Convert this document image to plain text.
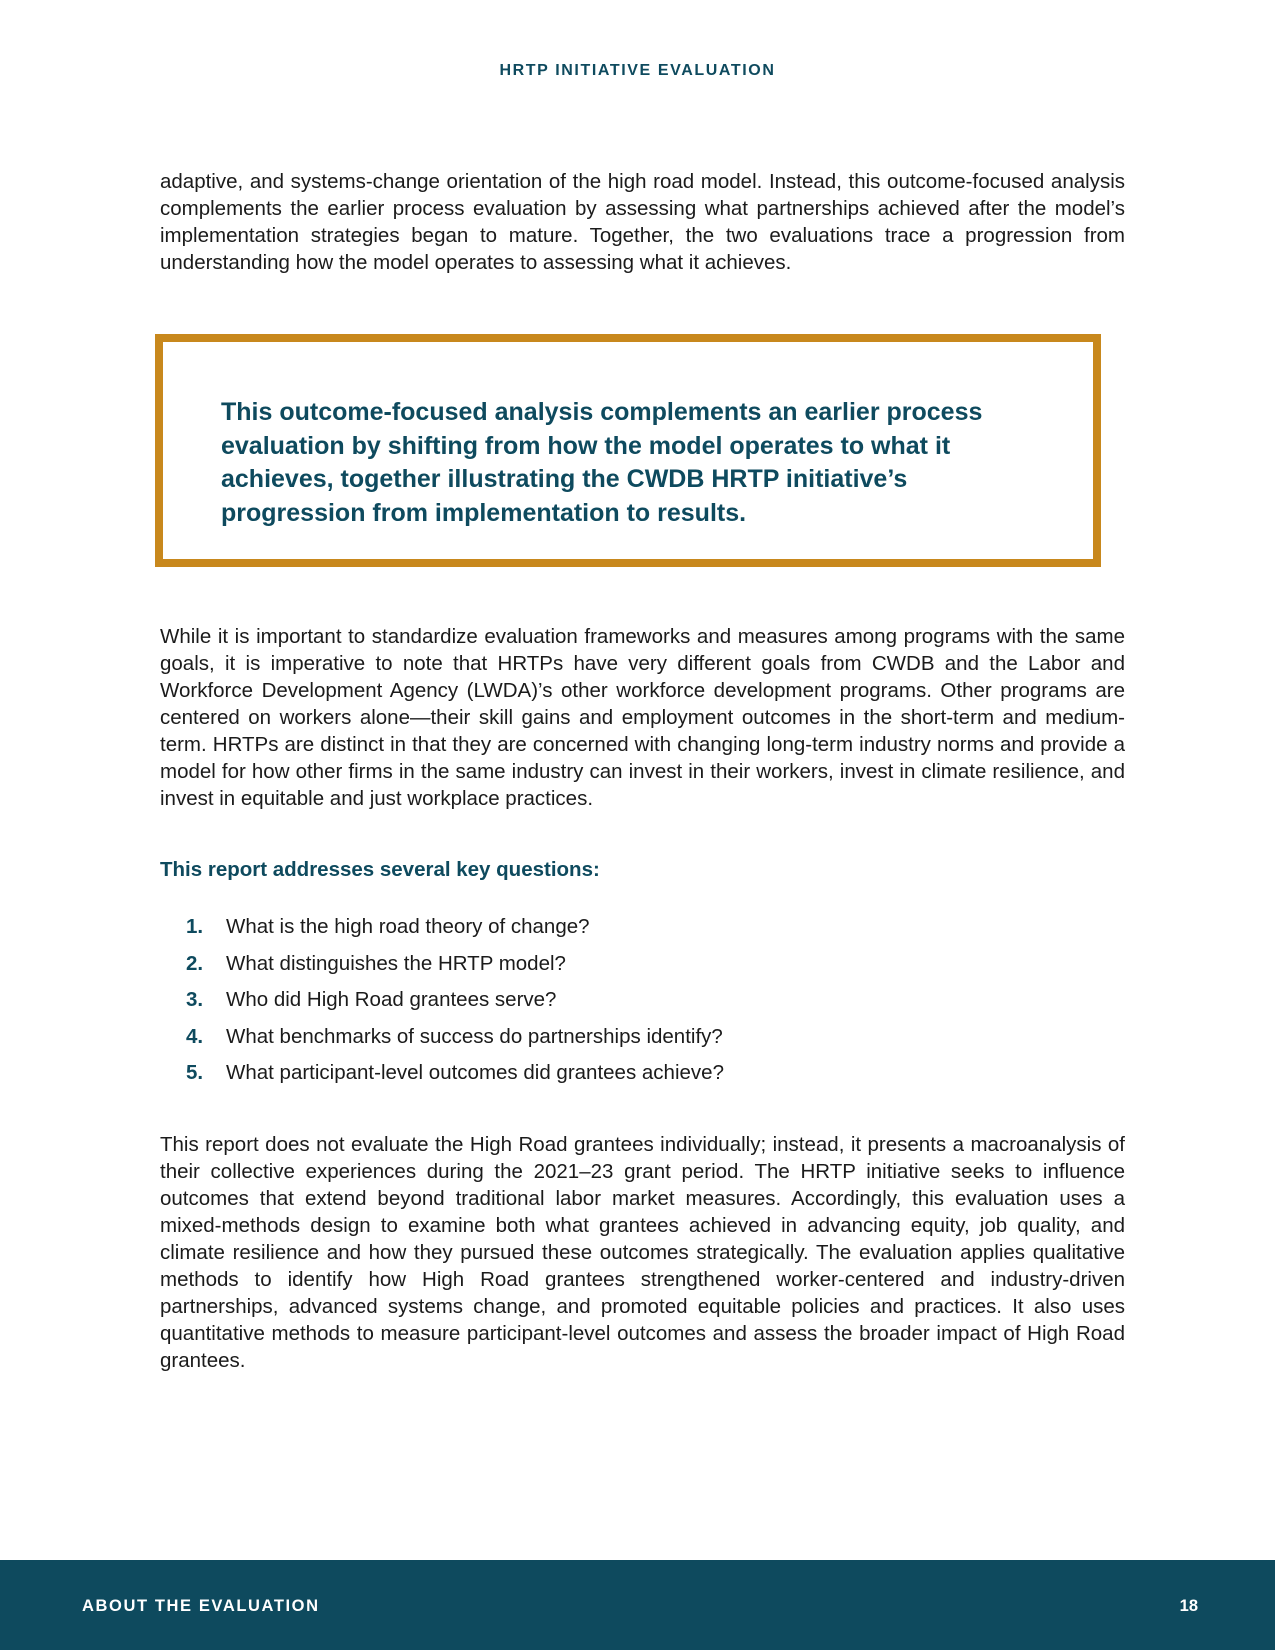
HRTP INITIATIVE EVALUATION

adaptive, and systems-change orientation of the high road model. Instead, this outcome-focused analysis complements the earlier process evaluation by assessing what partnerships achieved after the model’s implementation strategies began to mature. Together, the two evaluations trace a progression from understanding how the model operates to assessing what it achieves.

This outcome-focused analysis complements an earlier process evaluation by shifting from how the model operates to what it achieves, together illustrating the CWDB HRTP initiative’s progression from implementation to results.

While it is important to standardize evaluation frameworks and measures among programs with the same goals, it is imperative to note that HRTPs have very different goals from CWDB and the Labor and Workforce Development Agency (LWDA)’s other workforce development programs. Other programs are centered on workers alone—their skill gains and employment outcomes in the short-term and medium-term. HRTPs are distinct in that they are concerned with changing long-term industry norms and provide a model for how other firms in the same industry can invest in their workers, invest in climate resilience, and invest in equitable and just workplace practices.

This report addresses several key questions:

1. What is the high road theory of change?
2. What distinguishes the HRTP model?
3. Who did High Road grantees serve?
4. What benchmarks of success do partnerships identify?
5. What participant-level outcomes did grantees achieve?

This report does not evaluate the High Road grantees individually; instead, it presents a macroanalysis of their collective experiences during the 2021–23 grant period. The HRTP initiative seeks to influence outcomes that extend beyond traditional labor market measures. Accordingly, this evaluation uses a mixed-methods design to examine both what grantees achieved in advancing equity, job quality, and climate resilience and how they pursued these outcomes strategically. The evaluation applies qualitative methods to identify how High Road grantees strengthened worker-centered and industry-driven partnerships, advanced systems change, and promoted equitable policies and practices. It also uses quantitative methods to measure participant-level outcomes and assess the broader impact of High Road grantees.

ABOUT THE EVALUATION	18
